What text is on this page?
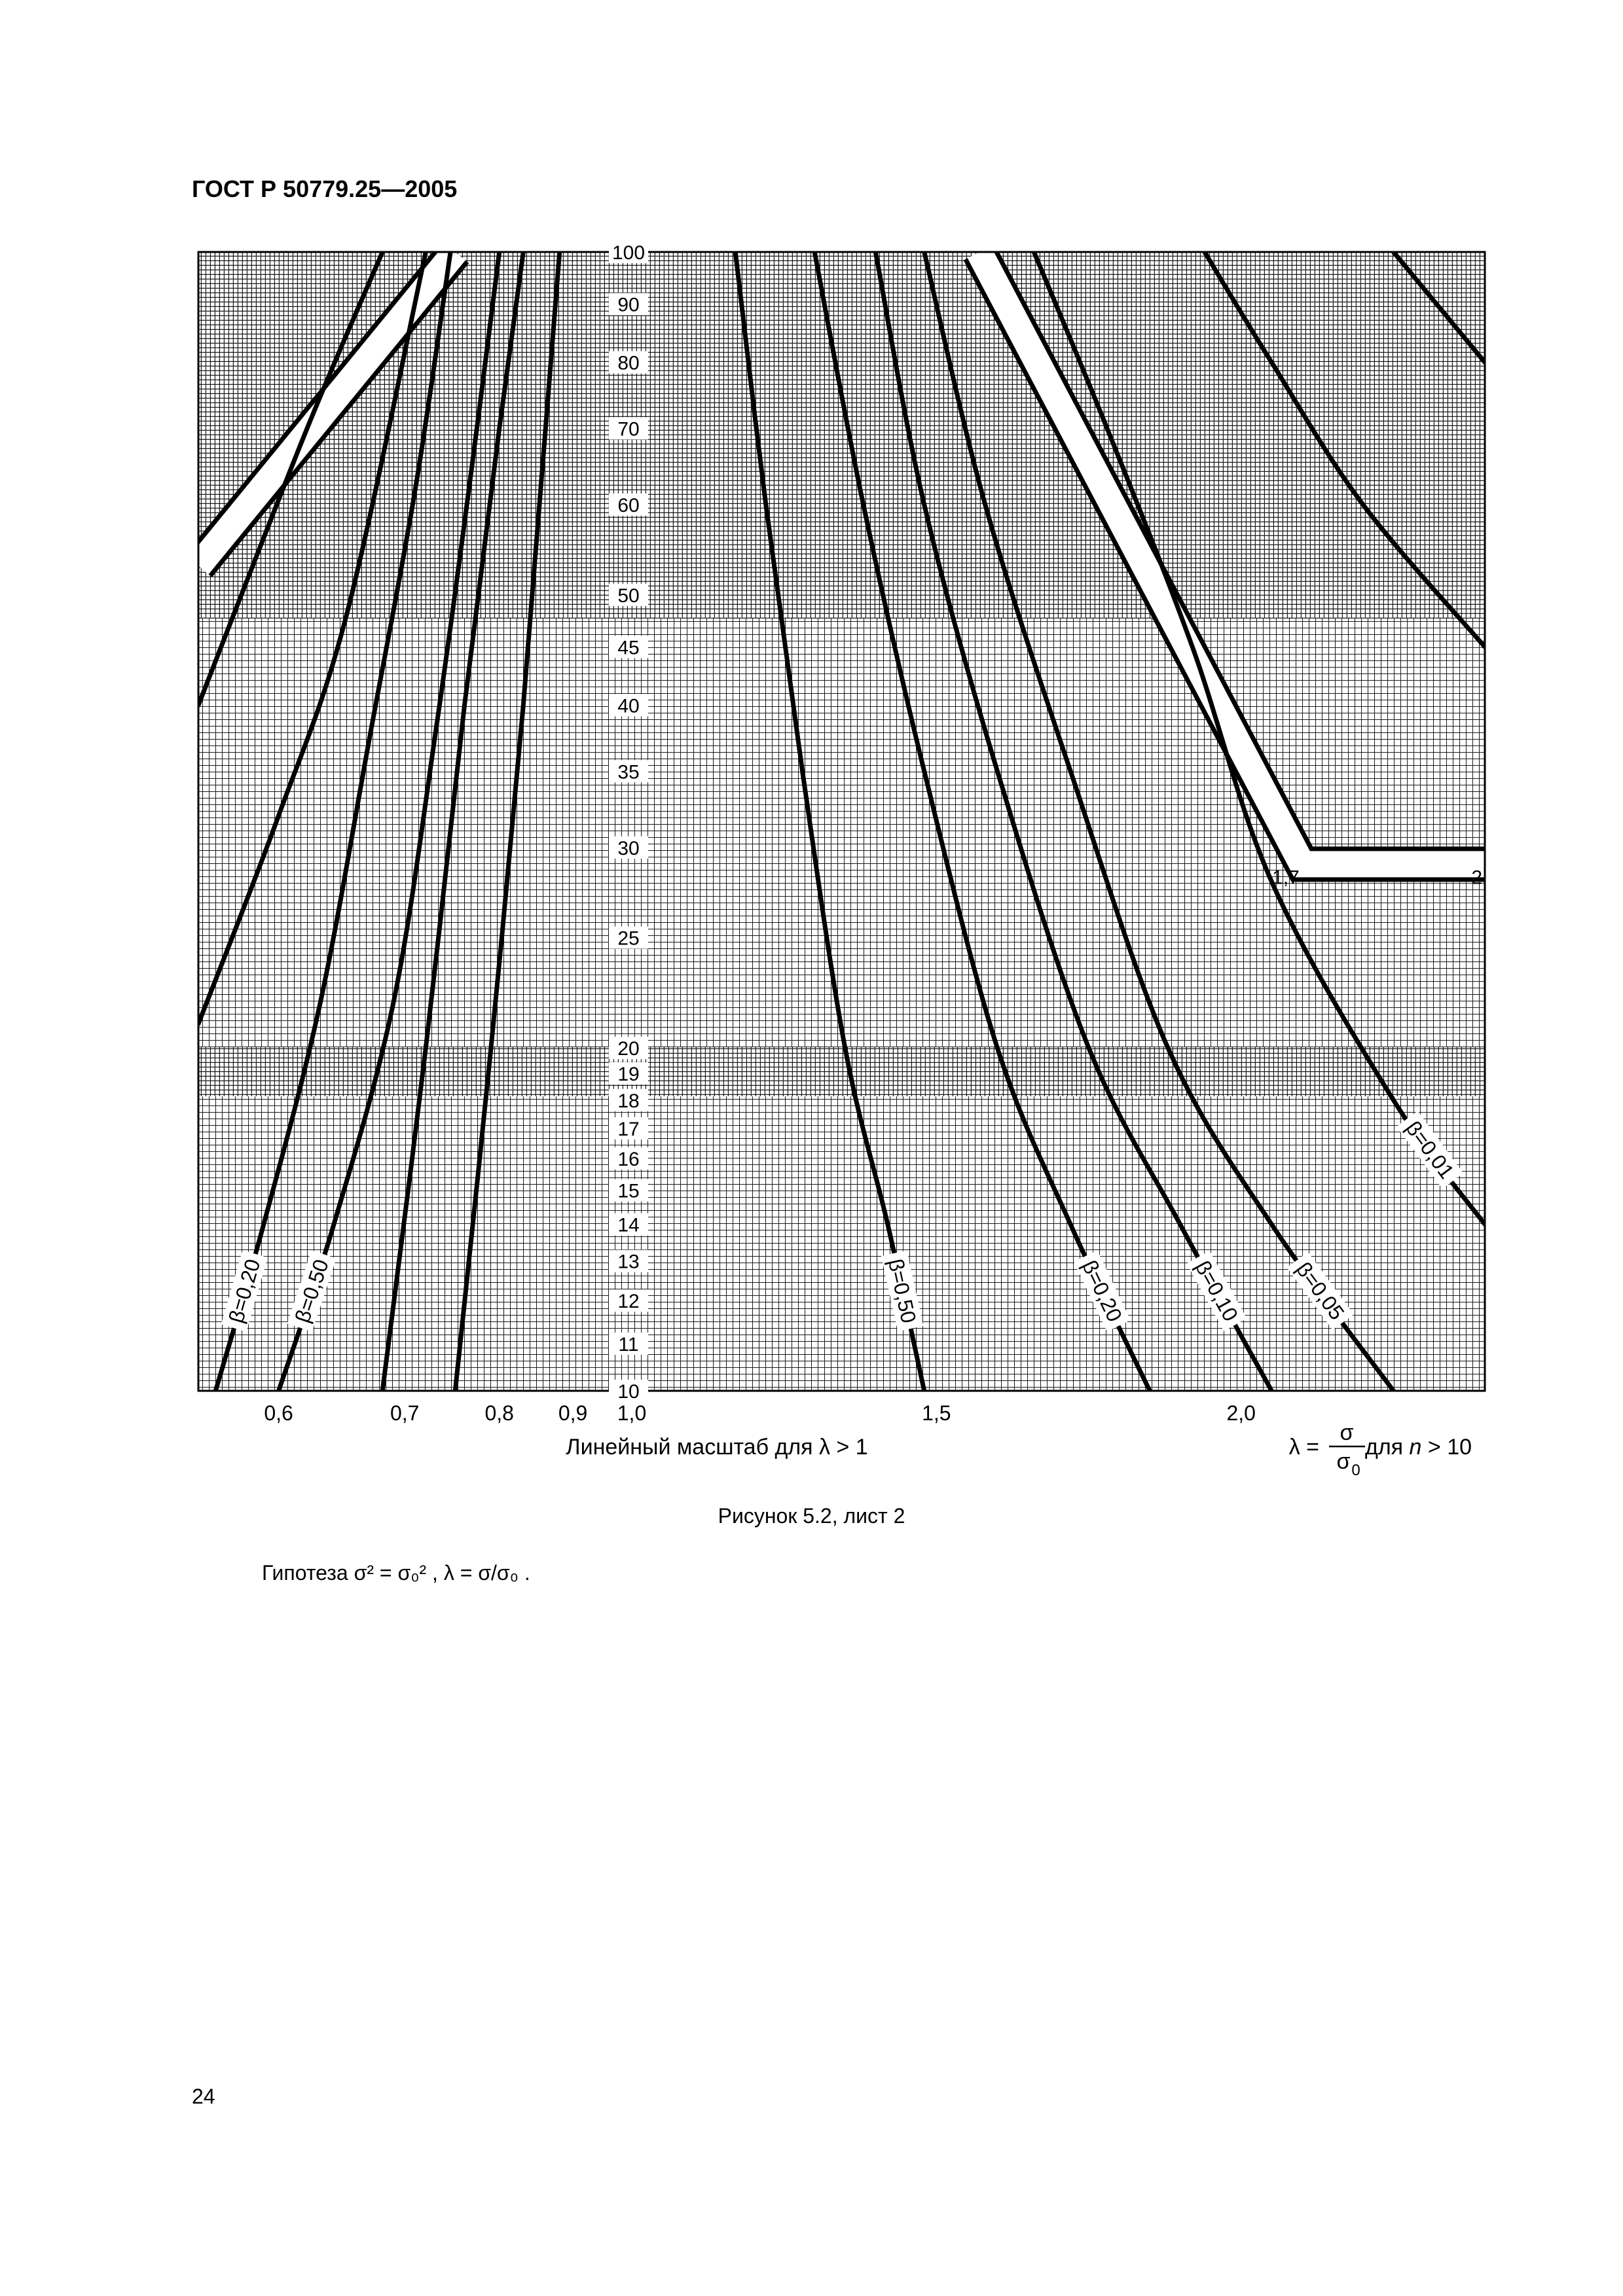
ГОСТ Р 50779.25—2005
100
90
80
70
60
50
45
40
35
30
25
20
19
18
17
16
15
14
13
12
11
10
0,6	0,7	0,8 0,9 1,0	1,5	2,0
β=0,20 β=0,50	β=0,50	β=0,20	β=0,10 β=0,05
β=0,01
1,7	2
Линейный масштаб для λ > 1	λ =
σ
σ 0
для n > 10
Рисунок 5.2, лист 2
Гипотеза σ² = σ₀² , λ = σ/σ₀ .
24
